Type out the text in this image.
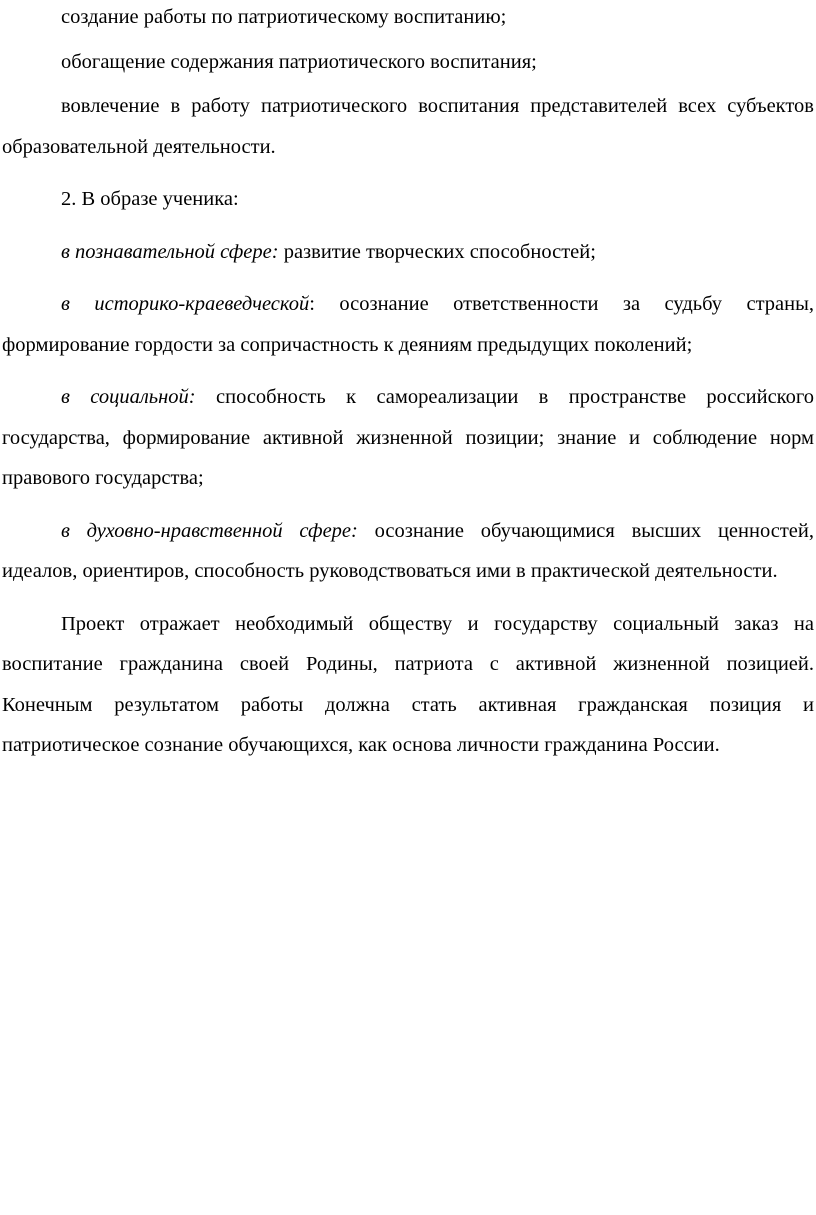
создание работы по патриотическому воспитанию;

обогащение содержания патриотического воспитания;

вовлечение в работу патриотического воспитания представителей всех субъектов образовательной деятельности.

2. В образе ученика:

в познавательной сфере: развитие творческих способностей;

в историко-краеведческой: осознание ответственности за судьбу страны, формирование гордости за сопричастность к деяниям предыдущих поколений;

в социальной: способность к самореализации в пространстве российского государства, формирование активной жизненной позиции; знание и соблюдение норм правового государства;

в духовно-нравственной сфере: осознание обучающимися высших ценностей, идеалов, ориентиров, способность руководствоваться ими в практической деятельности.

Проект отражает необходимый обществу и государству социальный заказ на воспитание гражданина своей Родины, патриота с активной жизненной позицией. Конечным результатом работы должна стать активная гражданская позиция и патриотическое сознание обучающихся, как основа личности гражданина России.
